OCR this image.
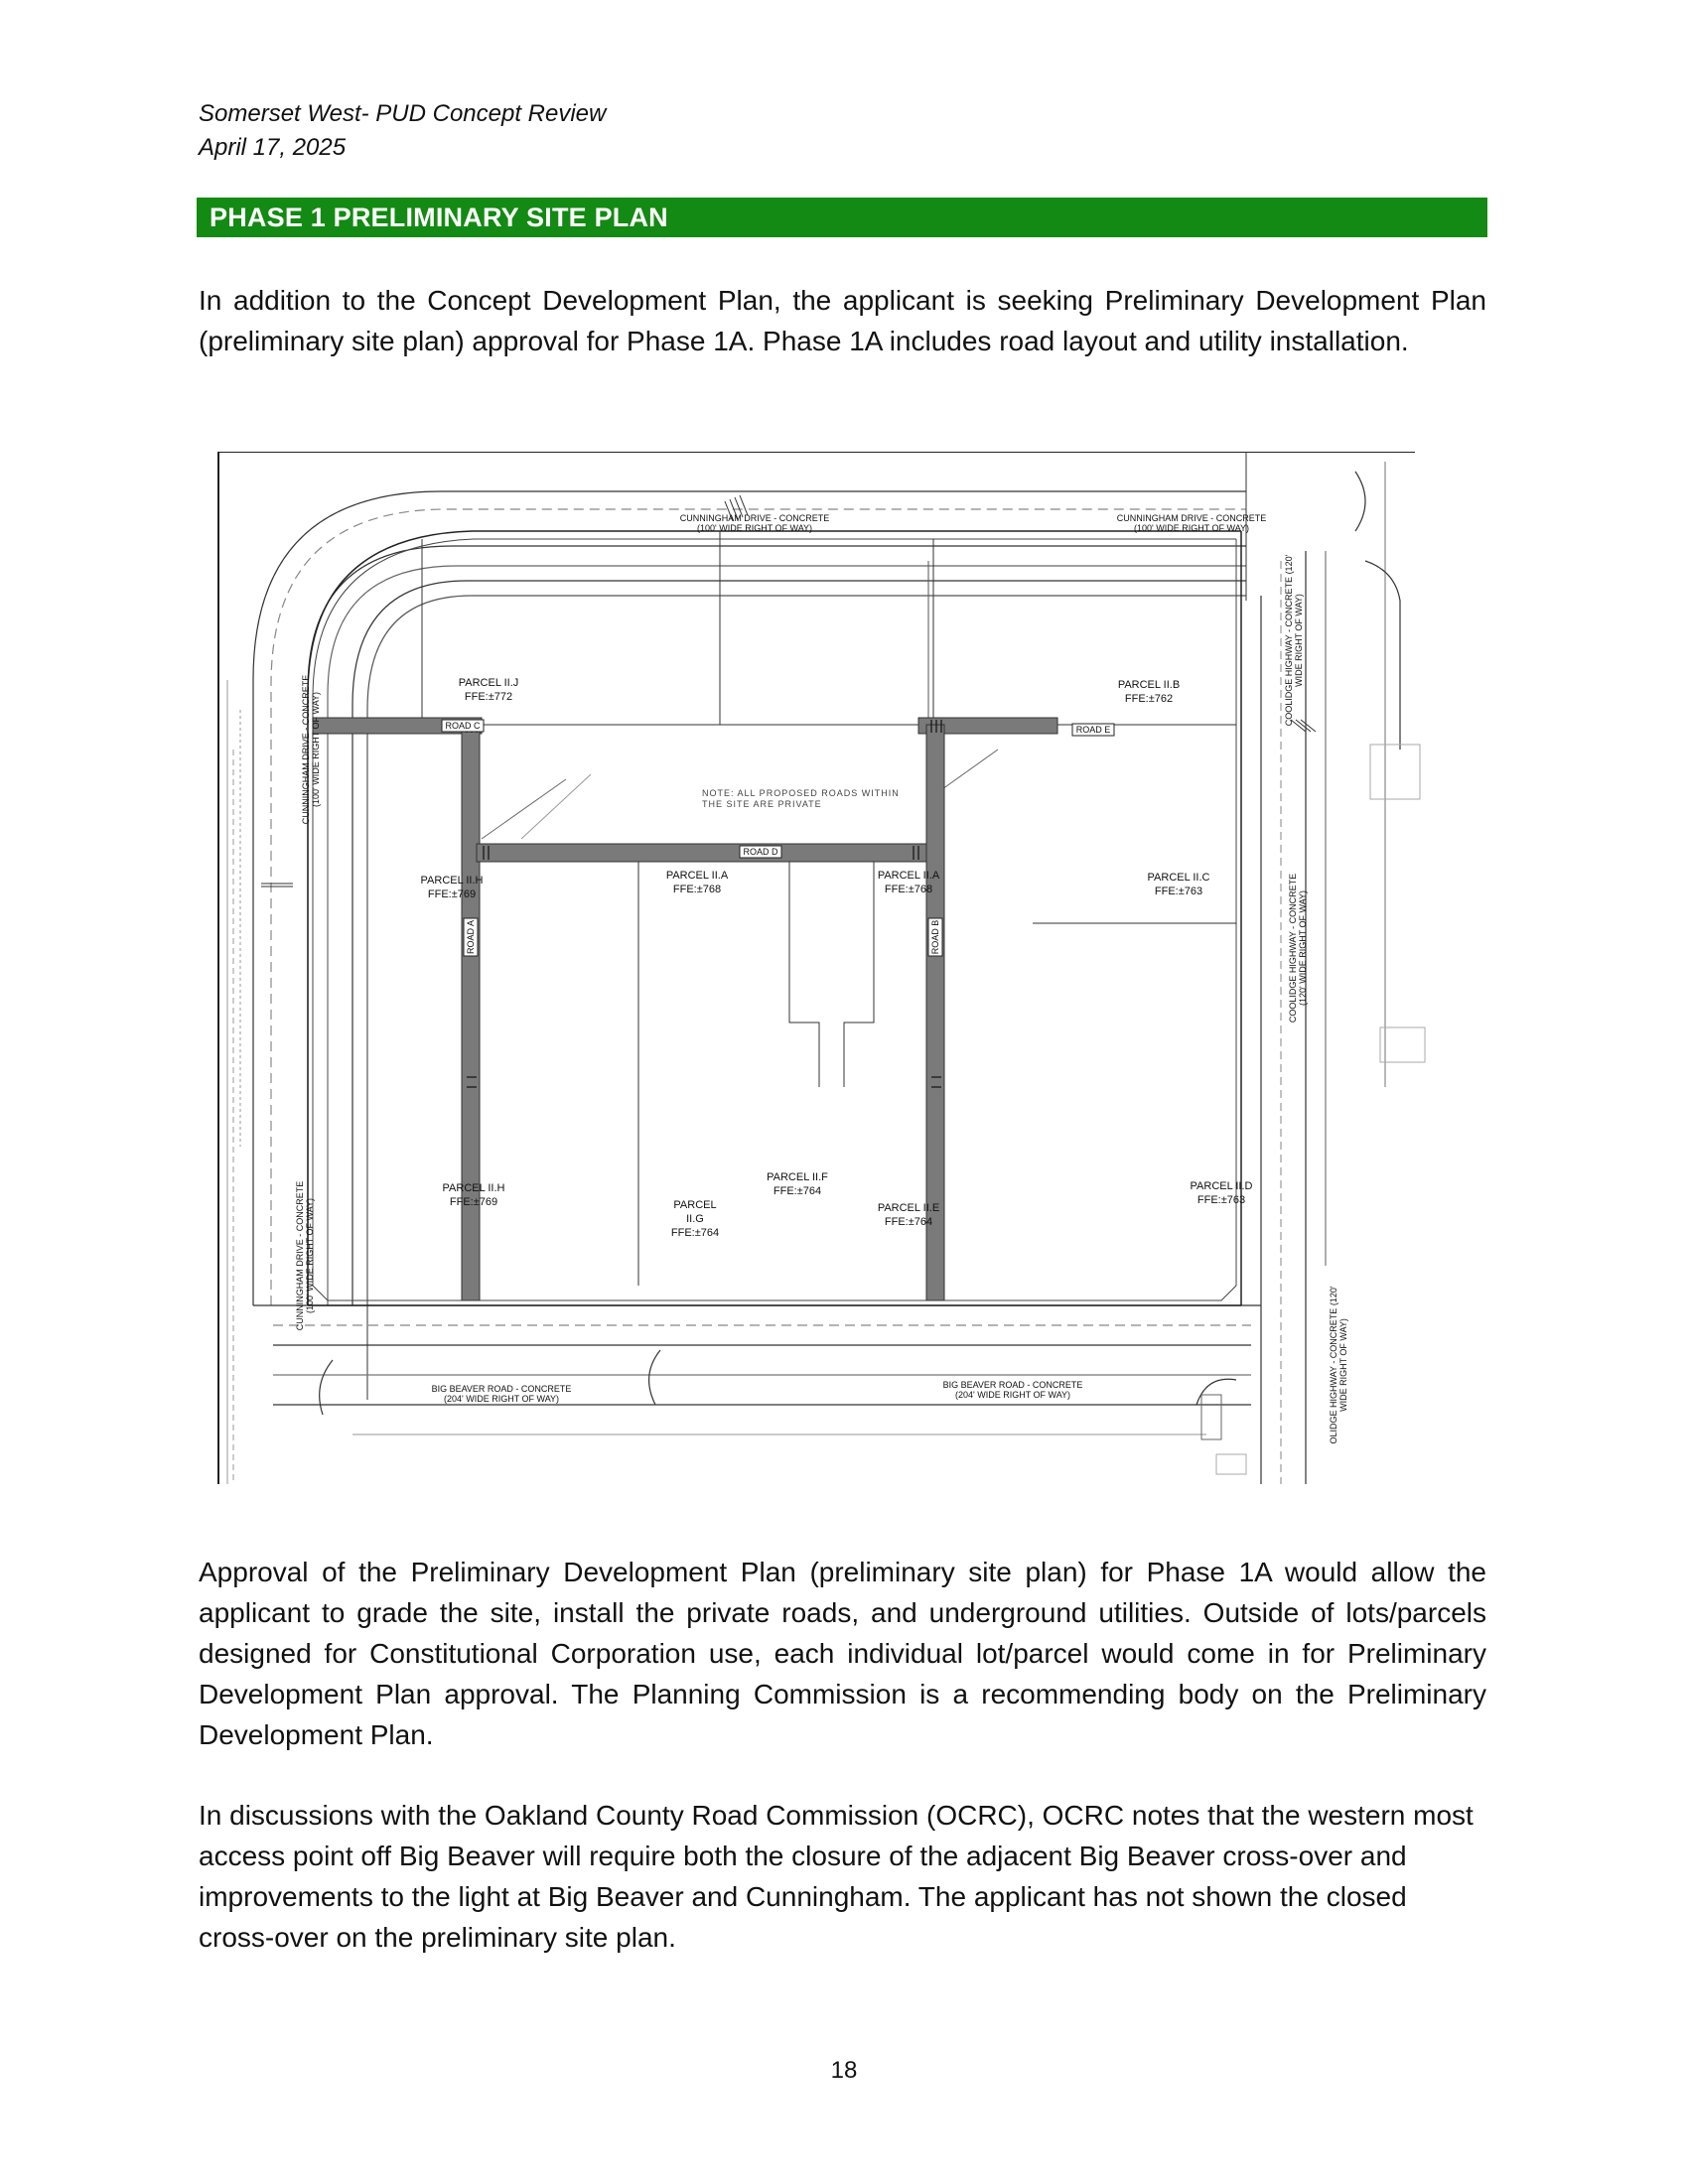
Somerset West- PUD Concept Review
April 17, 2025
PHASE 1 PRELIMINARY SITE PLAN

In addition to the Concept Development Plan, the applicant is seeking Preliminary Development Plan (preliminary site plan) approval for Phase 1A. Phase 1A includes road layout and utility installation.

ROAD C	ROAD E
ROAD D
ROAD A	ROAD B
CUNNINGHAM DRIVE - CONCRETE
(100' WIDE RIGHT OF WAY)
CUNNINGHAM DRIVE - CONCRETE
(100' WIDE RIGHT OF WAY)
CUNNINGHAM DRIVE - CONCRETE (100' WIDE RIGHT OF WAY)
CUNNINGHAM DRIVE - CONCRETE (100' WIDE RIGHT OF WAY)
BIG BEAVER ROAD - CONCRETE
(204' WIDE RIGHT OF WAY)
BIG BEAVER ROAD - CONCRETE
(204' WIDE RIGHT OF WAY)
COOLIDGE HIGHWAY - CONCRETE (120' WIDE RIGHT OF WAY)
COOLIDGE HIGHWAY - CONCRETE (120' WIDE RIGHT OF WAY)
OLIDGE HIGHWAY - CONCRETE (120' WIDE RIGHT OF WAY)
PARCEL II.J
FFE:±772
PARCEL II.B
FFE:±762
PARCEL II.A
FFE:±768
PARCEL II.A
FFE:±768
PARCEL II.H
FFE:±769
PARCEL II.C
FFE:±763
PARCEL II.H
FFE:±769
PARCEL II.F
FFE:±764	PARCEL II.D
FFE:±763
PARCEL II.E
FFE:±764
PARCEL
II.G
FFE:±764
NOTE: ALL PROPOSED ROADS WITHIN
THE SITE ARE PRIVATE

Approval of the Preliminary Development Plan (preliminary site plan) for Phase 1A would allow the applicant to grade the site, install the private roads, and underground utilities. Outside of lots/parcels designed for Constitutional Corporation use, each individual lot/parcel would come in for Preliminary Development Plan approval. The Planning Commission is a recommending body on the Preliminary Development Plan.

In discussions with the Oakland County Road Commission (OCRC), OCRC notes that the western most access point off Big Beaver will require both the closure of the adjacent Big Beaver cross-over and improvements to the light at Big Beaver and Cunningham. The applicant has not shown the closed cross-over on the preliminary site plan.

18
